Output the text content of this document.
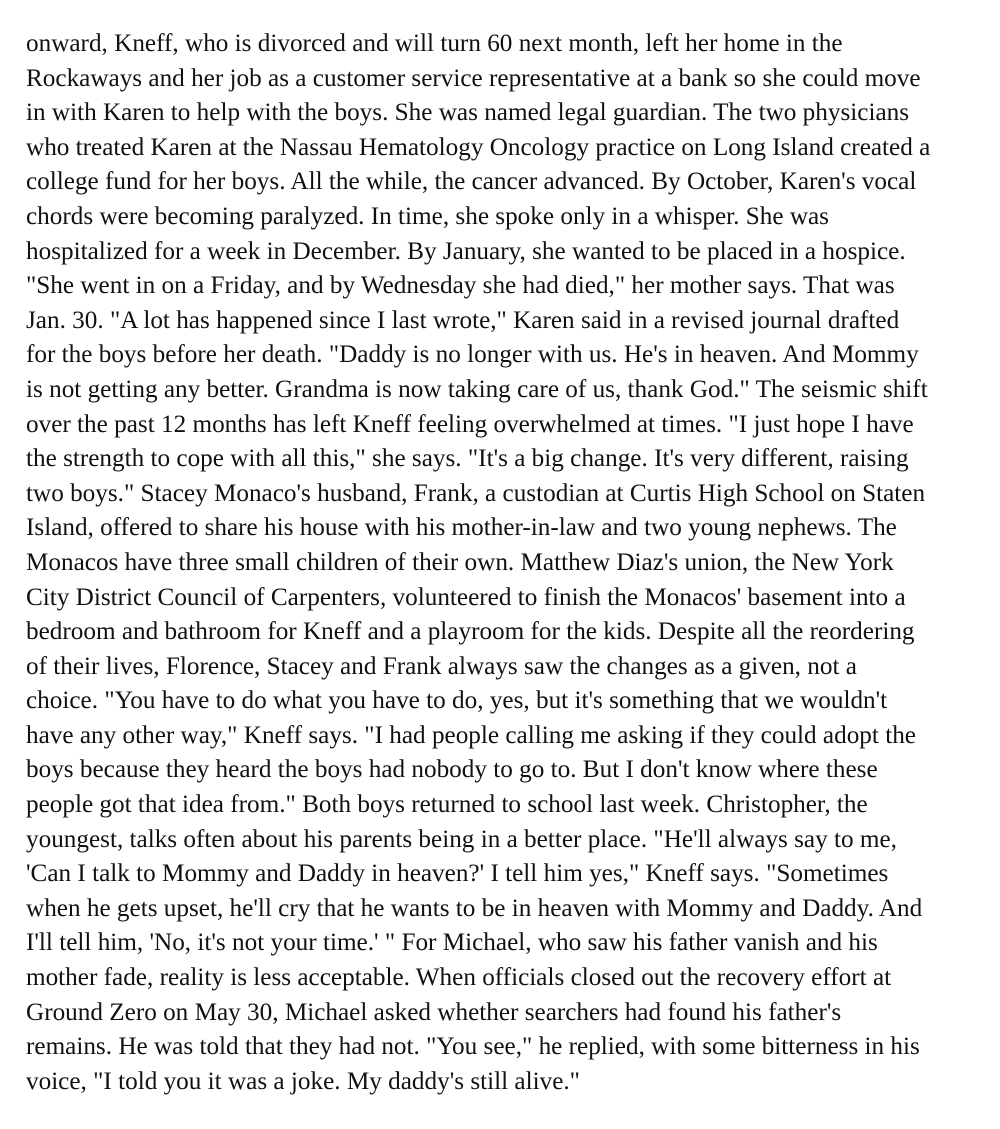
onward, Kneff, who is divorced and will turn 60 next month, left her home in the
Rockaways and her job as a customer service representative at a bank so she could move
in with Karen to help with the boys. She was named legal guardian. The two physicians
who treated Karen at the Nassau Hematology Oncology practice on Long Island created a
college fund for her boys. All the while, the cancer advanced. By October, Karen's vocal
chords were becoming paralyzed. In time, she spoke only in a whisper. She was
hospitalized for a week in December. By January, she wanted to be placed in a hospice.
"She went in on a Friday, and by Wednesday she had died," her mother says. That was
Jan. 30. "A lot has happened since I last wrote," Karen said in a revised journal drafted
for the boys before her death. "Daddy is no longer with us. He's in heaven. And Mommy
is not getting any better. Grandma is now taking care of us, thank God." The seismic shift
over the past 12 months has left Kneff feeling overwhelmed at times. "I just hope I have
the strength to cope with all this," she says. "It's a big change. It's very different, raising
two boys." Stacey Monaco's husband, Frank, a custodian at Curtis High School on Staten
Island, offered to share his house with his mother-in-law and two young nephews. The
Monacos have three small children of their own. Matthew Diaz's union, the New York
City District Council of Carpenters, volunteered to finish the Monacos' basement into a
bedroom and bathroom for Kneff and a playroom for the kids. Despite all the reordering
of their lives, Florence, Stacey and Frank always saw the changes as a given, not a
choice. "You have to do what you have to do, yes, but it's something that we wouldn't
have any other way," Kneff says. "I had people calling me asking if they could adopt the
boys because they heard the boys had nobody to go to. But I don't know where these
people got that idea from." Both boys returned to school last week. Christopher, the
youngest, talks often about his parents being in a better place. "He'll always say to me,
'Can I talk to Mommy and Daddy in heaven?' I tell him yes," Kneff says. "Sometimes
when he gets upset, he'll cry that he wants to be in heaven with Mommy and Daddy. And
I'll tell him, 'No, it's not your time.' " For Michael, who saw his father vanish and his
mother fade, reality is less acceptable. When officials closed out the recovery effort at
Ground Zero on May 30, Michael asked whether searchers had found his father's
remains. He was told that they had not. "You see," he replied, with some bitterness in his
voice, "I told you it was a joke. My daddy's still alive."
